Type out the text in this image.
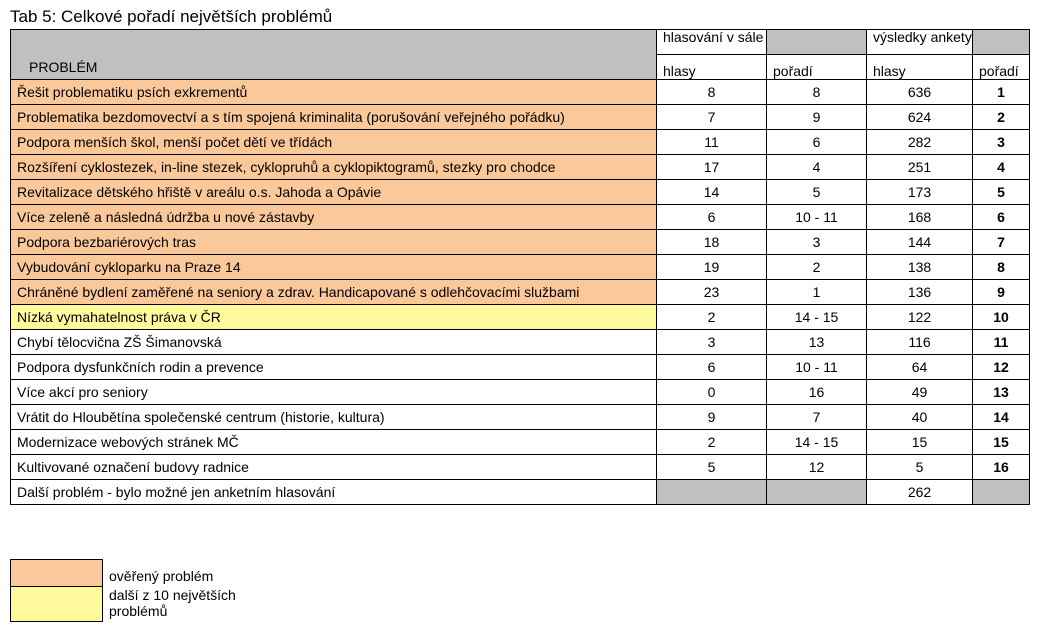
Tab 5: Celkové pořadí největších problémů
PROBLÉM	hlasování v sále		výsledky ankety	
	hlasy	pořadí	hlasy	pořadí
Řešit problematiku psích exkrementů	8	8	636	1
Problematika bezdomovectví a s tím spojená kriminalita (porušování veřejného pořádku)	7	9	624	2
Podpora menších škol, menší počet dětí ve třídách	11	6	282	3
Rozšíření cyklostezek, in-line stezek, cyklopruhů a cyklopiktogramů, stezky pro chodce	17	4	251	4
Revitalizace dětského hřiště v areálu o.s. Jahoda a Opávie	14	5	173	5
Více zeleně a následná údržba u nové zástavby	6	10 - 11	168	6
Podpora bezbariérových tras	18	3	144	7
Vybudování cykloparku na Praze 14	19	2	138	8
Chráněné bydlení zaměřené na seniory a zdrav. Handicapované s odlehčovacími službami	23	1	136	9
Nízká vymahatelnost práva v ČR	2	14 - 15	122	10
Chybí tělocvična ZŠ Šimanovská	3	13	116	11
Podpora dysfunkčních rodin a prevence	6	10 - 11	64	12
Více akcí pro seniory	0	16	49	13
Vrátit do Hloubětína společenské centrum (historie, kultura)	9	7	40	14
Modernizace webových stránek MČ	2	14 - 15	15	15
Kultivované označení budovy radnice	5	12	5	16
Další problém - bylo možné jen anketním hlasování			262	
ověřený problém
další z 10 největších problémů
